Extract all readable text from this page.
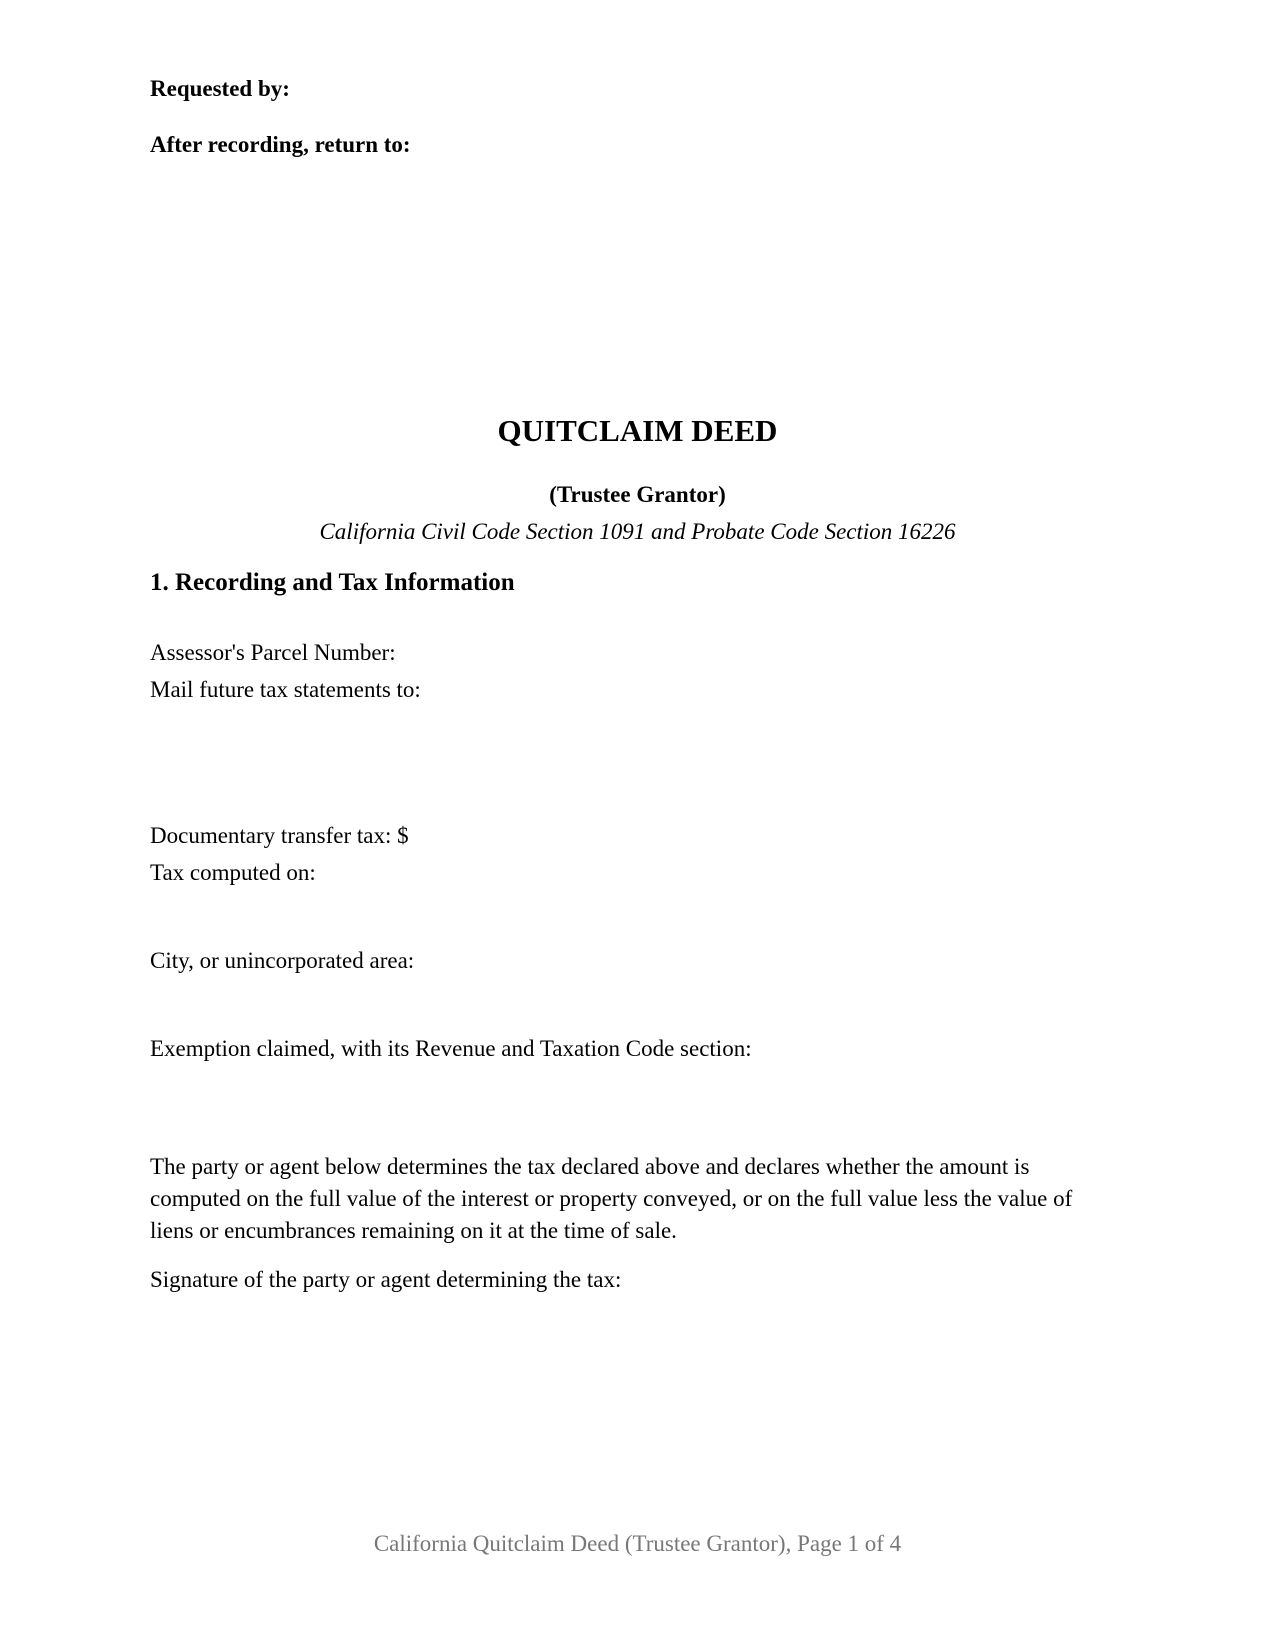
Requested by:
After recording, return to:
QUITCLAIM DEED
(Trustee Grantor)
California Civil Code Section 1091 and Probate Code Section 16226
1. Recording and Tax Information
Assessor's Parcel Number:
Mail future tax statements to:
Documentary transfer tax: $
Tax computed on:
City, or unincorporated area:
Exemption claimed, with its Revenue and Taxation Code section:
The party or agent below determines the tax declared above and declares whether the amount is computed on the full value of the interest or property conveyed, or on the full value less the value of liens or encumbrances remaining on it at the time of sale.
Signature of the party or agent determining the tax:
California Quitclaim Deed (Trustee Grantor), Page 1 of 4
